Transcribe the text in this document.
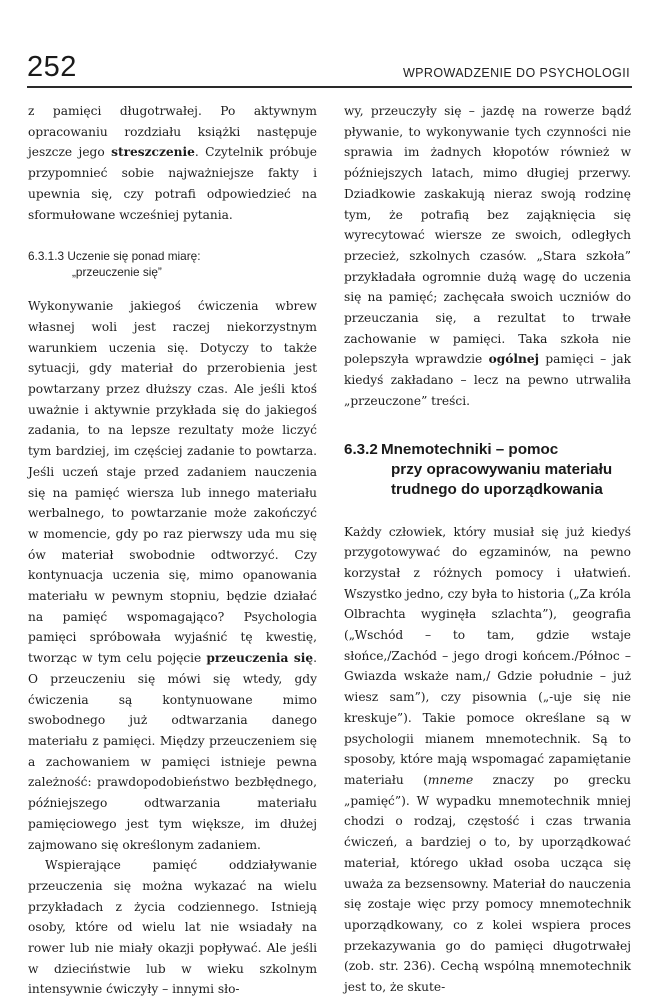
252	WPROWADZENIE DO PSYCHOLOGII

z pamięci długotrwałej. Po aktywnym opracowaniu rozdziału książki następuje jeszcze jego streszczenie. Czytelnik próbuje przypomnieć sobie najważniejsze fakty i upewnia się, czy potrafi odpowiedzieć na sformułowane wcześniej pytania.

6.3.1.3 Uczenie się ponad miarę:
„przeuczenie się”

Wykonywanie jakiegoś ćwiczenia wbrew własnej woli jest raczej niekorzystnym warunkiem uczenia się. Dotyczy to także sytuacji, gdy materiał do przerobienia jest powtarzany przez dłuższy czas. Ale jeśli ktoś uważnie i aktywnie przykłada się do jakiegoś zadania, to na lepsze rezultaty może liczyć tym bardziej, im częściej zadanie to powtarza. Jeśli uczeń staje przed zadaniem nauczenia się na pamięć wiersza lub innego materiału werbalnego, to powtarzanie może zakończyć w momencie, gdy po raz pierwszy uda mu się ów materiał swobodnie odtworzyć. Czy kontynuacja uczenia się, mimo opanowania materiału w pewnym stopniu, będzie działać na pamięć wspomagająco? Psychologia pamięci spróbowała wyjaśnić tę kwestię, tworząc w tym celu pojęcie przeuczenia się. O przeuczeniu się mówi się wtedy, gdy ćwiczenia są kontynuowane mimo swobodnego już odtwarzania danego materiału z pamięci. Między przeuczeniem się a zachowaniem w pamięci istnieje pewna zależność: prawdopodobieństwo bezbłędnego, późniejszego odtwarzania materiału pamięciowego jest tym większe, im dłużej zajmowano się określonym zadaniem.

Wspierające pamięć oddziaływanie przeuczenia się można wykazać na wielu przykładach z życia codziennego. Istnieją osoby, które od wielu lat nie wsiadały na rower lub nie miały okazji popływać. Ale jeśli w dzieciństwie lub w wieku szkolnym intensywnie ćwiczyły – innymi sło-

wy, przeuczyły się – jazdę na rowerze bądź pływanie, to wykonywanie tych czynności nie sprawia im żadnych kłopotów również w późniejszych latach, mimo długiej przerwy. Dziadkowie zaskakują nieraz swoją rodzinę tym, że potrafią bez zająknięcia się wyrecytować wiersze ze swoich, odległych przecież, szkolnych czasów. „Stara szkoła” przykładała ogromnie dużą wagę do uczenia się na pamięć; zachęcała swoich uczniów do przeuczania się, a rezultat to trwałe zachowanie w pamięci. Taka szkoła nie polepszyła wprawdzie ogólnej pamięci – jak kiedyś zakładano – lecz na pewno utrwaliła „przeuczone” treści.

6.3.2 Mnemotechniki – pomoc
przy opracowywaniu materiału
trudnego do uporządkowania

Każdy człowiek, który musiał się już kiedyś przygotowywać do egzaminów, na pewno korzystał z różnych pomocy i ułatwień. Wszystko jedno, czy była to historia („Za króla Olbrachta wyginęła szlachta”), geografia („Wschód – to tam, gdzie wstaje słońce,/Zachód – jego drogi końcem./Północ – Gwiazda wskaże nam,/ Gdzie południe – już wiesz sam”), czy pisownia („-uje się nie kreskuje”). Takie pomoce określane są w psychologii mianem mnemotechnik. Są to sposoby, które mają wspomagać zapamiętanie materiału (mneme znaczy po grecku „pamięć”). W wypadku mnemotechnik mniej chodzi o rodzaj, częstość i czas trwania ćwiczeń, a bardziej o to, by uporządkować materiał, którego układ osoba ucząca się uważa za bezsensowny. Materiał do nauczenia się zostaje więc przy pomocy mnemotechnik uporządkowany, co z kolei wspiera proces przekazywania go do pamięci długotrwałej (zob. str. 236). Cechą wspólną mnemotechnik jest to, że skute-
